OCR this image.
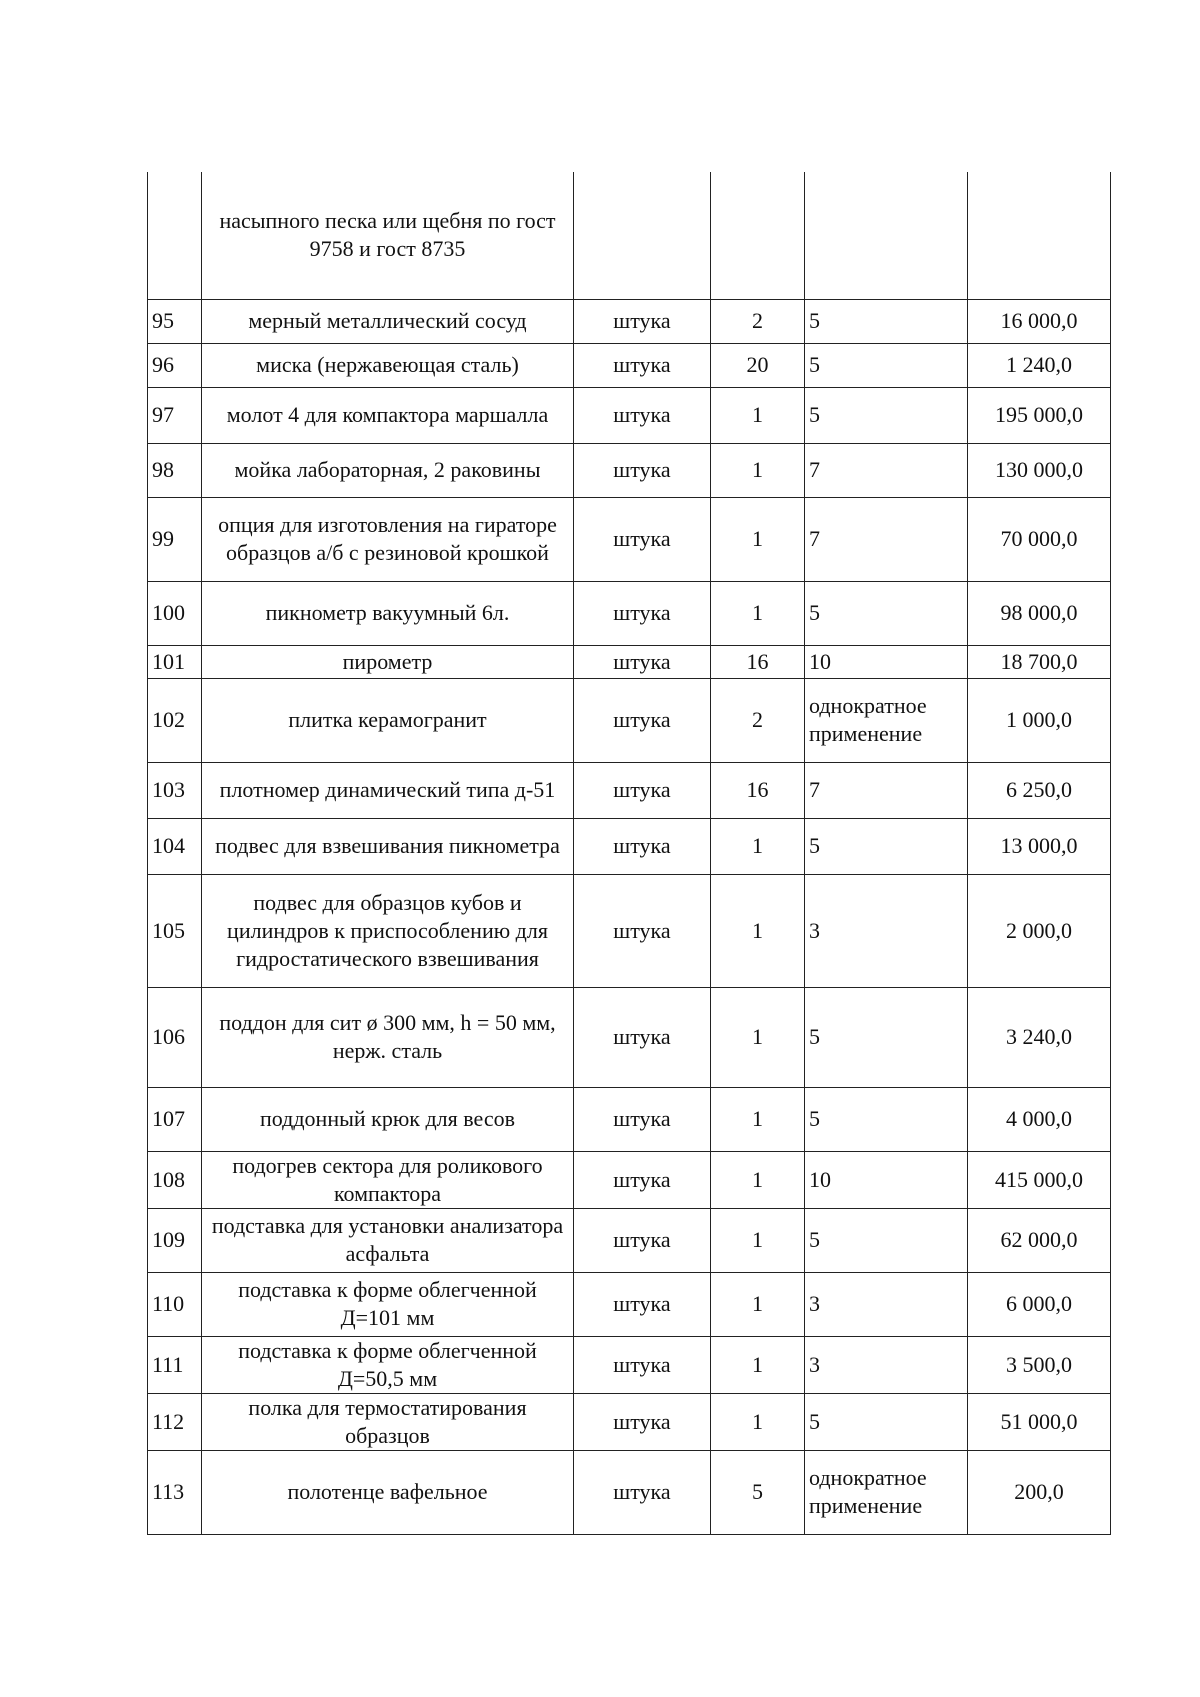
	насыпного песка или щебня по гост 9758 и гост 8735				
95	мерный металлический сосуд	штука	2	5	16 000,0
96	миска (нержавеющая сталь)	штука	20	5	1 240,0
97	молот 4 для компактора маршалла	штука	1	5	195 000,0
98	мойка лабораторная, 2 раковины	штука	1	7	130 000,0
99	опция для изготовления на гираторе образцов а/б с резиновой крошкой	штука	1	7	70 000,0
100	пикнометр вакуумный 6л.	штука	1	5	98 000,0
101	пирометр	штука	16	10	18 700,0
102	плитка керамогранит	штука	2	однократное применение	1 000,0
103	плотномер динамический типа д-51	штука	16	7	6 250,0
104	подвес для взвешивания пикнометра	штука	1	5	13 000,0
105	подвес для образцов кубов и цилиндров к приспособлению для гидростатического взвешивания	штука	1	3	2 000,0
106	поддон для сит ø 300 мм, h = 50 мм, нерж. сталь	штука	1	5	3 240,0
107	поддонный крюк для весов	штука	1	5	4 000,0
108	подогрев сектора для роликового компактора	штука	1	10	415 000,0
109	подставка для установки анализатора асфальта	штука	1	5	62 000,0
110	подставка к форме облегченной Д=101 мм	штука	1	3	6 000,0
111	подставка к форме облегченной Д=50,5 мм	штука	1	3	3 500,0
112	полка для термостатирования образцов	штука	1	5	51 000,0
113	полотенце вафельное	штука	5	однократное применение	200,0
